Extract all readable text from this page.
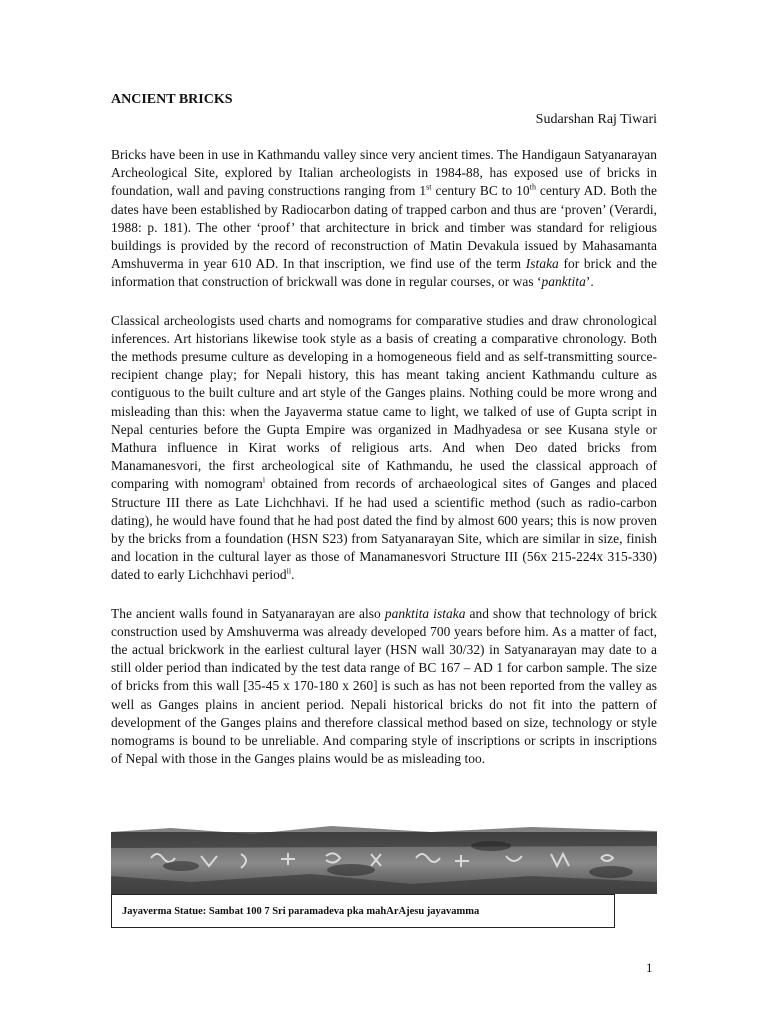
ANCIENT BRICKS
Sudarshan Raj Tiwari

Bricks have been in use in Kathmandu valley since very ancient times. The Handigaun Satyanarayan Archeological Site, explored by Italian archeologists in 1984-88, has exposed use of bricks in foundation, wall and paving constructions ranging from 1st century BC to 10th century AD. Both the dates have been established by Radiocarbon dating of trapped carbon and thus are ‘proven’ (Verardi, 1988: p. 181). The other ‘proof’ that architecture in brick and timber was standard for religious buildings is provided by the record of reconstruction of Matin Devakula issued by Mahasamanta Amshuverma in year 610 AD. In that inscription, we find use of the term Istaka for brick and the information that construction of brickwall was done in regular courses, or was ‘panktita’.

Classical archeologists used charts and nomograms for comparative studies and draw chronological inferences. Art historians likewise took style as a basis of creating a comparative chronology. Both the methods presume culture as developing in a homogeneous field and as self-transmitting source-recipient change play; for Nepali history, this has meant taking ancient Kathmandu culture as contiguous to the built culture and art style of the Ganges plains. Nothing could be more wrong and misleading than this: when the Jayaverma statue came to light, we talked of use of Gupta script in Nepal centuries before the Gupta Empire was organized in Madhyadesa or see Kusana style or Mathura influence in Kirat works of religious arts. And when Deo dated bricks from Manamanesvori, the first archeological site of Kathmandu, he used the classical approach of comparing with nomogram$^i$ obtained from records of archaeological sites of Ganges and placed Structure III there as Late Lichchhavi. If he had used a scientific method (such as radio-carbon dating), he would have found that he had post dated the find by almost 600 years; this is now proven by the bricks from a foundation (HSN S23) from Satyanarayan Site, which are similar in size, finish and location in the cultural layer as those of Manamanesvori Structure III (56x 215-224x 315-330) dated to early Lichchhavi period$^{ii}$.

The ancient walls found in Satyanarayan are also panktita istaka and show that technology of brick construction used by Amshuverma was already developed 700 years before him. As a matter of fact, the actual brickwork in the earliest cultural layer (HSN wall 30/32) in Satyanarayan may date to a still older period than indicated by the test data range of BC 167 – AD 1 for carbon sample. The size of bricks from this wall [35-45 x 170-180 x 260] is such as has not been reported from the valley as well as Ganges plains in ancient period. Nepali historical bricks do not fit into the pattern of development of the Ganges plains and therefore classical method based on size, technology or style nomograms is bound to be unreliable. And comparing style of inscriptions or scripts in inscriptions of Nepal with those in the Ganges plains would be as misleading too.

Jayaverma Statue: Sambat 100 7 Sri paramadeva pka mahArAjesu jayavamma
1
